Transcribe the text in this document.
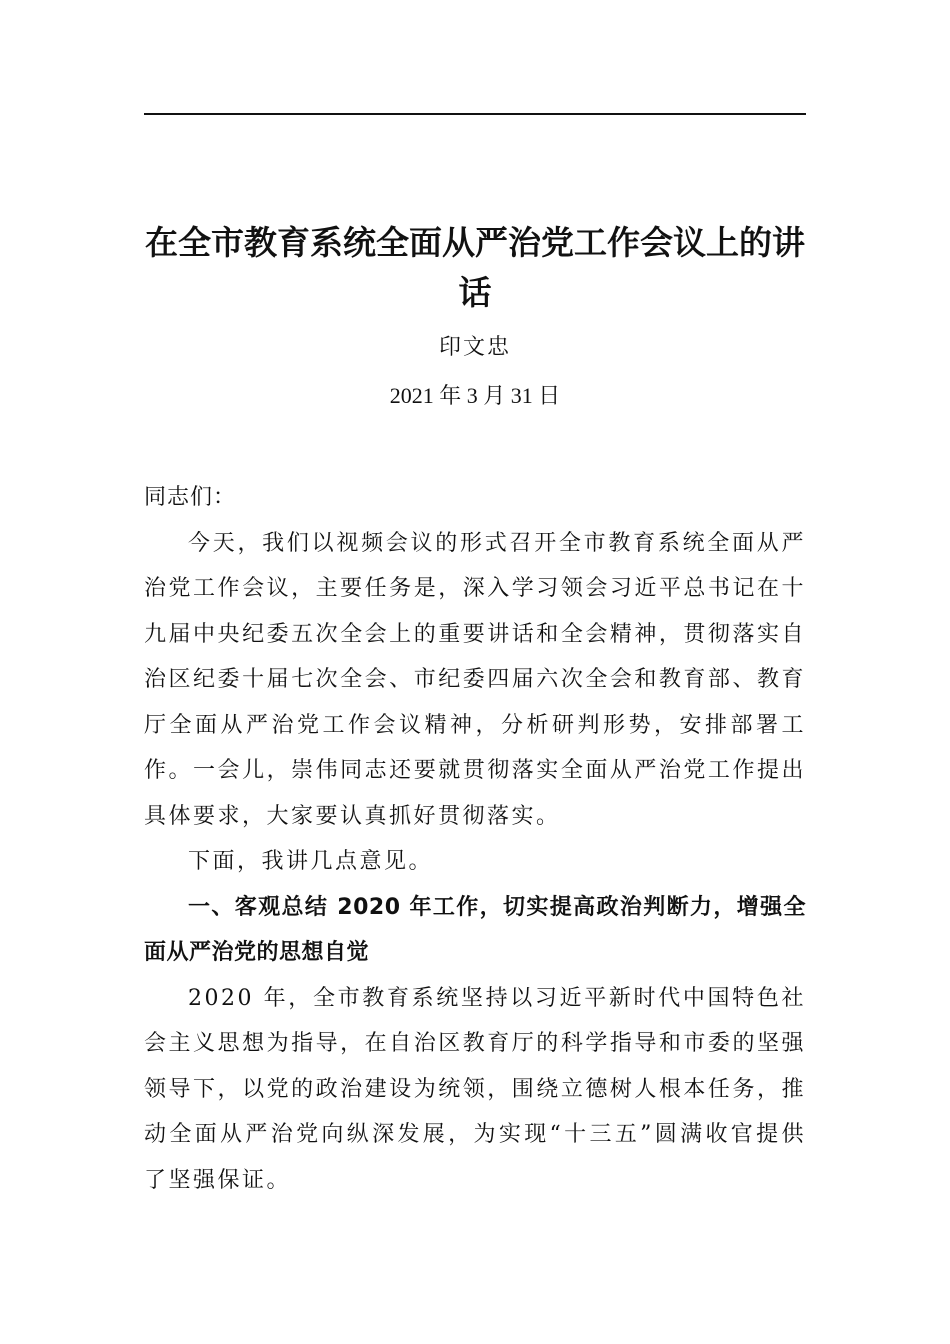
在全市教育系统全面从严治党工作会议上的讲话
印文忠
2021 年 3 月 31 日

同志们：

今天，我们以视频会议的形式召开全市教育系统全面从严治党工作会议，主要任务是，深入学习领会习近平总书记在十九届中央纪委五次全会上的重要讲话和全会精神，贯彻落实自治区纪委十届七次全会、市纪委四届六次全会和教育部、教育厅全面从严治党工作会议精神，分析研判形势，安排部署工作。一会儿，崇伟同志还要就贯彻落实全面从严治党工作提出具体要求，大家要认真抓好贯彻落实。

下面，我讲几点意见。

一、客观总结 2020 年工作，切实提高政治判断力，增强全面从严治党的思想自觉

2020 年，全市教育系统坚持以习近平新时代中国特色社会主义思想为指导，在自治区教育厅的科学指导和市委的坚强领导下，以党的政治建设为统领，围绕立德树人根本任务，推动全面从严治党向纵深发展，为实现“十三五”圆满收官提供了坚强保证。
